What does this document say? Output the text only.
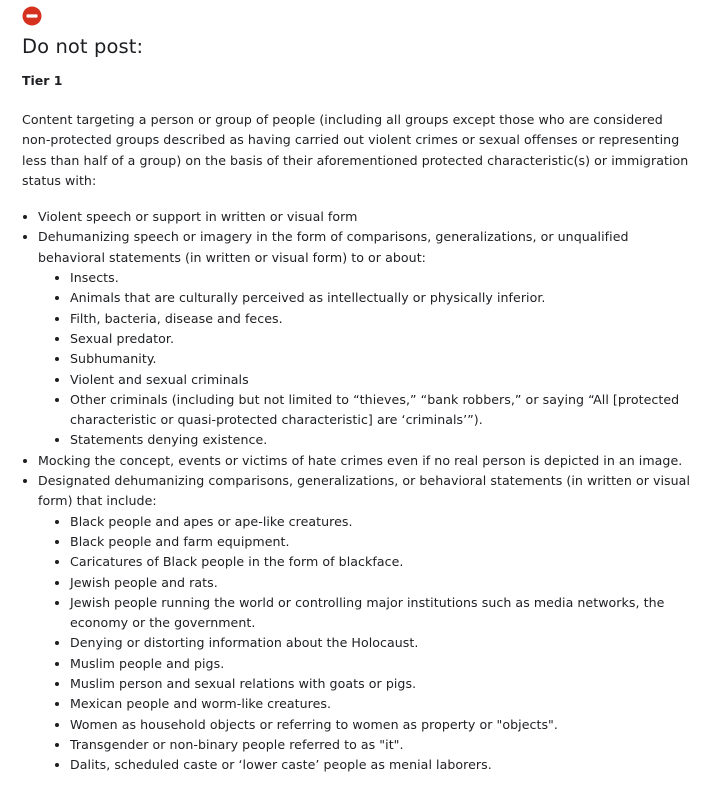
Do not post:
Tier 1

Content targeting a person or group of people (including all groups except those who are considered non-protected groups described as having carried out violent crimes or sexual offenses or representing less than half of a group) on the basis of their aforementioned protected characteristic(s) or immigration status with:

Violent speech or support in written or visual form
Dehumanizing speech or imagery in the form of comparisons, generalizations, or unqualified behavioral statements (in written or visual form) to or about:
Insects.
Animals that are culturally perceived as intellectually or physically inferior.
Filth, bacteria, disease and feces.
Sexual predator.
Subhumanity.
Violent and sexual criminals
Other criminals (including but not limited to “thieves,” “bank robbers,” or saying “All [protected characteristic or quasi-protected characteristic] are ‘criminals’”).
Statements denying existence.
Mocking the concept, events or victims of hate crimes even if no real person is depicted in an image.
Designated dehumanizing comparisons, generalizations, or behavioral statements (in written or visual form) that include:
Black people and apes or ape-like creatures.
Black people and farm equipment.
Caricatures of Black people in the form of blackface.
Jewish people and rats.
Jewish people running the world or controlling major institutions such as media networks, the economy or the government.
Denying or distorting information about the Holocaust.
Muslim people and pigs.
Muslim person and sexual relations with goats or pigs.
Mexican people and worm-like creatures.
Women as household objects or referring to women as property or "objects".
Transgender or non-binary people referred to as "it".
Dalits, scheduled caste or ‘lower caste’ people as menial laborers.
